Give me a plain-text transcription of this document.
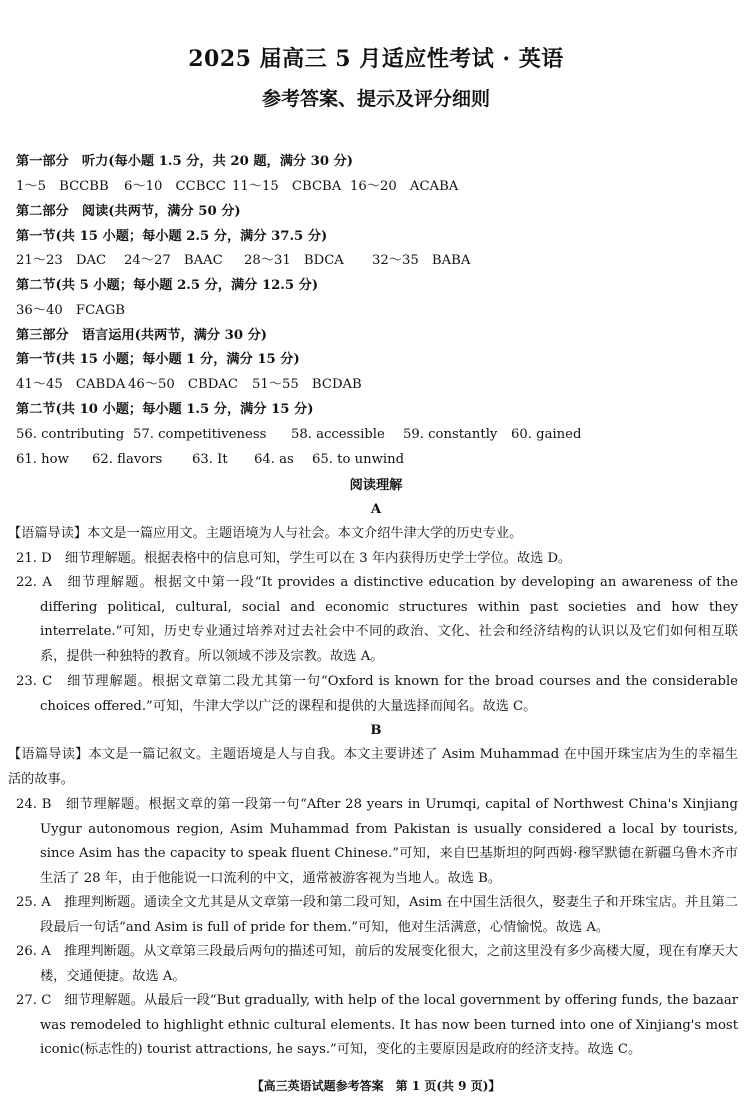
2025 届高三 5 月适应性考试 · 英语
参考答案、提示及评分细则
第一部分　听力(每小题 1.5 分，共 20 题，满分 30 分)
1～5　BCCBB 6～10　CCBCC 11～15　CBCBA 16～20　ACABA
第二部分　阅读(共两节，满分 50 分)
第一节(共 15 小题；每小题 2.5 分，满分 37.5 分)
21～23　DAC 24～27　BAAC 28～31　BDCA 32～35　BABA
第二节(共 5 小题；每小题 2.5 分，满分 12.5 分)
36～40　FCAGB
第三部分　语言运用(共两节，满分 30 分)
第一节(共 15 小题；每小题 1 分，满分 15 分)
41～45　CABDA 46～50　CBDAC 51～55　BCDAB
第二节(共 10 小题；每小题 1.5 分，满分 15 分)
56. contributing 57. competitiveness 58. accessible 59. constantly 60. gained
61. how 62. flavors 63. It 64. as 65. to unwind
阅读理解
A
【语篇导读】本文是一篇应用文。主题语境为人与社会。本文介绍牛津大学的历史专业。
21. D　细节理解题。根据表格中的信息可知，学生可以在 3 年内获得历史学士学位。故选 D。
22. A　细节理解题。根据文中第一段“It provides a distinctive education by developing an awareness of the differing political, cultural, social and economic structures within past societies and how they interrelate.”可知，历史专业通过培养对过去社会中不同的政治、文化、社会和经济结构的认识以及它们如何相互联系，提供一种独特的教育。所以领域不涉及宗教。故选 A。
23. C　细节理解题。根据文章第二段尤其第一句“Oxford is known for the broad courses and the considerable choices offered.”可知，牛津大学以广泛的课程和提供的大量选择而闻名。故选 C。
B
【语篇导读】本文是一篇记叙文。主题语境是人与自我。本文主要讲述了 Asim Muhammad 在中国开珠宝店为生的幸福生活的故事。
24. B　细节理解题。根据文章的第一段第一句“After 28 years in Urumqi, capital of Northwest China's Xinjiang Uygur autonomous region, Asim Muhammad from Pakistan is usually considered a local by tourists, since Asim has the capacity to speak fluent Chinese.”可知，来自巴基斯坦的阿西姆·穆罕默德在新疆乌鲁木齐市生活了 28 年，由于他能说一口流利的中文，通常被游客视为当地人。故选 B。
25. A　推理判断题。通读全文尤其是从文章第一段和第二段可知，Asim 在中国生活很久，娶妻生子和开珠宝店。并且第二段最后一句话“and Asim is full of pride for them.”可知，他对生活满意，心情愉悦。故选 A。
26. A　推理判断题。从文章第三段最后两句的描述可知，前后的发展变化很大，之前这里没有多少高楼大厦，现在有摩天大楼，交通便捷。故选 A。
27. C　细节理解题。从最后一段“But gradually, with help of the local government by offering funds, the bazaar was remodeled to highlight ethnic cultural elements. It has now been turned into one of Xinjiang's most iconic(标志性的) tourist attractions, he says.”可知，变化的主要原因是政府的经济支持。故选 C。
【高三英语试题参考答案　第 1 页(共 9 页)】
